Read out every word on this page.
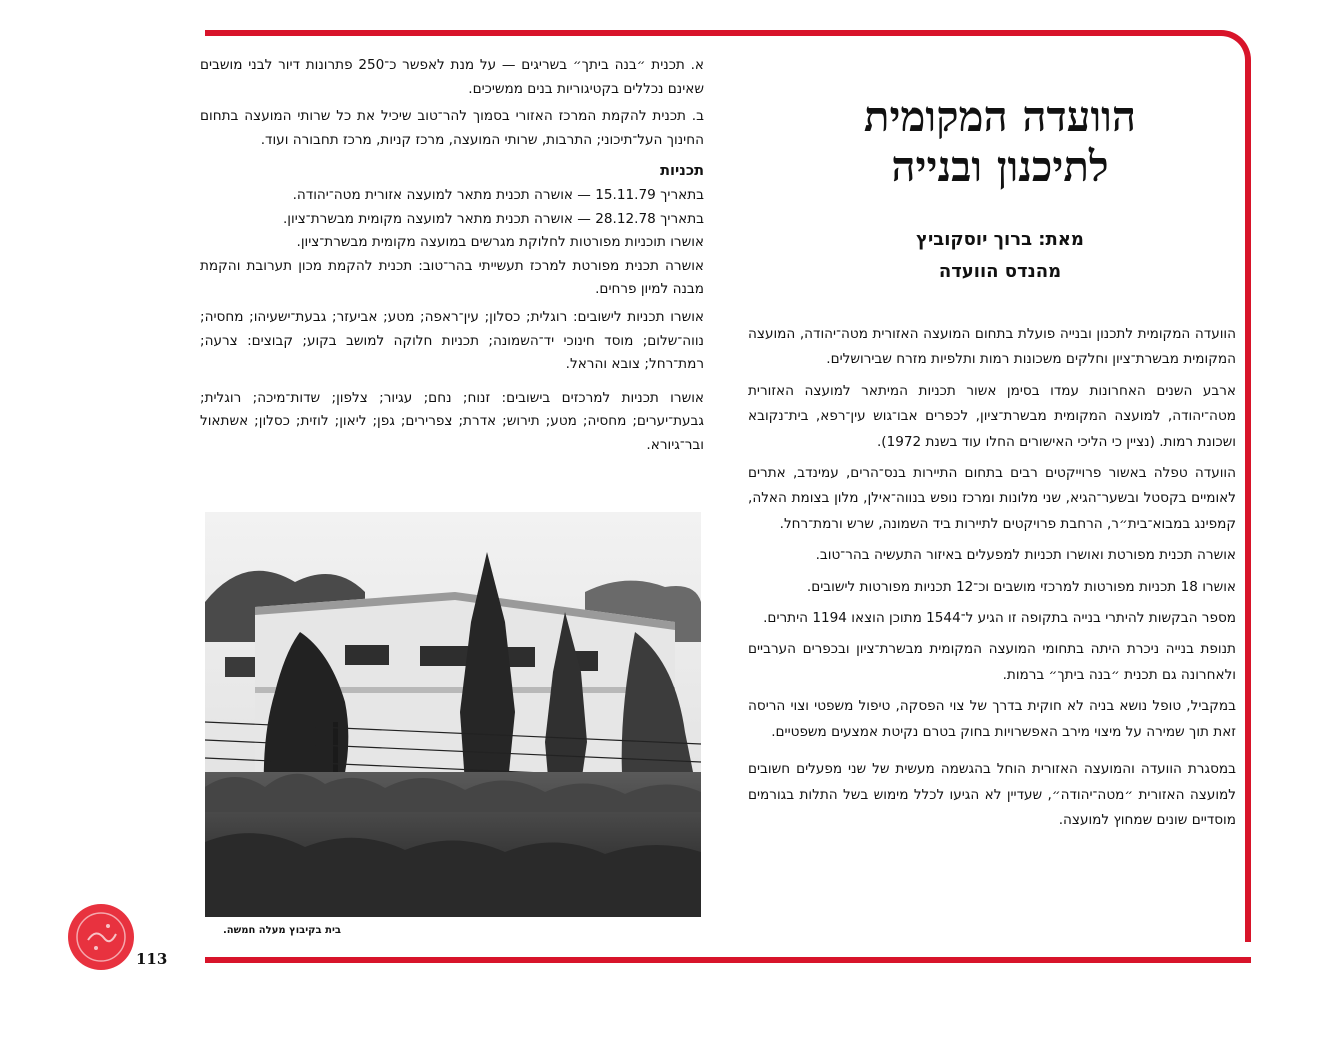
הוועדה המקומית
לתיכנון ובנייה
מאת: ברוך יוסקוביץ
מהנדס הוועדה

הוועדה המקומית לתכנון ובנייה פועלת בתחום המועצה האזורית מטה־יהודה, המועצה המקומית מבשרת־ציון וחלקים משכונות רמות ותלפיות מזרח שבירושלים.

ארבע השנים האחרונות עמדו בסימן אשור תכניות המיתאר למועצה האזורית מטה־יהודה, למועצה המקומית מבשרת־ציון, לכפרים אבו־גוש עין־רפא, בית־נקובא ושכונת רמות. (נציין כי הליכי האישורים החלו עוד בשנת 1972).

הוועדה טפלה באשור פרוייקטים רבים בתחום התיירות בנס־הרים, עמינדב, אתרים לאומיים בקסטל ובשער־הגיא, שני מלונות ומרכז נופש בנווה־אילן, מלון בצומת האלה, קמפינג במבוא־בית״ר, הרחבת פרויקטים לתיירות ביד השמונה, שרש ורמת־רחל.

אושרה תכנית מפורטת ואושרו תכניות למפעלים באיזור התעשיה בהר־טוב.

אושרו 18 תכניות מפורטות למרכזי מושבים וכ־12 תכניות מפורטות לישובים.

מספר הבקשות להיתרי בנייה בתקופה זו הגיע ל־1544 מתוכן הוצאו 1194 היתרים.

תנופת בנייה ניכרת היתה בתחומי המועצה המקומית מבשרת־ציון ובכפרים הערביים ולאחרונה גם תכנית ״בנה ביתך״ ברמות.

במקביל, טופל נושא בניה לא חוקית בדרך של צוי הפסקה, טיפול משפטי וצוי הריסה זאת תוך שמירה על מיצוי מירב האפשרויות בחוק בטרם נקיטת אמצעים משפטיים.

במסגרת הוועדה והמועצה האזורית הוחל בהגשמה מעשית של שני מפעלים חשובים למועצה האזורית ״מטה־יהודה״, שעדיין לא הגיעו לכלל מימוש בשל התלות בגורמים מוסדיים שונים שמחוץ למועצה.

א. תכנית ״בנה ביתך״ בשריגים — על מנת לאפשר כ־250 פתרונות דיור לבני מושבים שאינם נכללים בקטיגוריות בנים ממשיכים.

ב. תכנית להקמת המרכז האזורי בסמוך להר־טוב שיכיל את כל שרותי המועצה בתחום החינוך העל־תיכוני; התרבות, שרותי המועצה, מרכז קניות, מרכז תחבורה ועוד.

תכניות

בתאריך 15.11.79 — אושרה תכנית מתאר למועצה אזורית מטה־יהודה.

בתאריך 28.12.78 — אושרה תכנית מתאר למועצה מקומית מבשרת־ציון.

אושרו תוכניות מפורטות לחלוקת מגרשים במועצה מקומית מבשרת־ציון.

אושרה תכנית מפורטת למרכז תעשייתי בהר־טוב: תכנית להקמת מכון תערובת והקמת מבנה למיון פרחים.

אושרו תכניות לישובים: רוגלית; כסלון; עין־ראפה; מטע; אביעזר; גבעת־ישעיהו; מחסיה; נווה־שלום; מוסד חינוכי יד־השמונה; תכניות חלוקה למושב בקוע; קבוצים: צרעה; רמת־רחל; צובא והראל.

אושרו תכניות למרכזים בישובים: זנוח; נחם; עגיור; צלפון; שדות־מיכה; רוגלית; גבעת־יערים; מחסיה; מטע; תירוש; אדרת; צפרירים; גפן; ליאון; לוזית; כסלון; אשתאול ובר־גיורא.

בית בקיבוץ מעלה חמשה.
113
